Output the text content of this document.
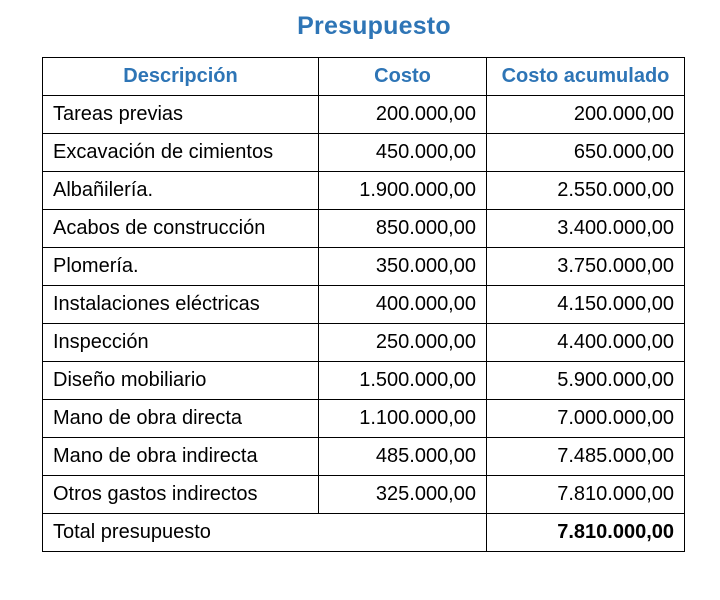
Presupuesto
Descripción	Costo	Costo acumulado
Tareas previas	200.000,00	200.000,00
Excavación de cimientos	450.000,00	650.000,00
Albañilería.	1.900.000,00	2.550.000,00
Acabos de construcción	850.000,00	3.400.000,00
Plomería.	350.000,00	3.750.000,00
Instalaciones eléctricas	400.000,00	4.150.000,00
Inspección	250.000,00	4.400.000,00
Diseño mobiliario	1.500.000,00	5.900.000,00
Mano de obra directa	1.100.000,00	7.000.000,00
Mano de obra indirecta	485.000,00	7.485.000,00
Otros gastos indirectos	325.000,00	7.810.000,00
Total presupuesto		7.810.000,00
